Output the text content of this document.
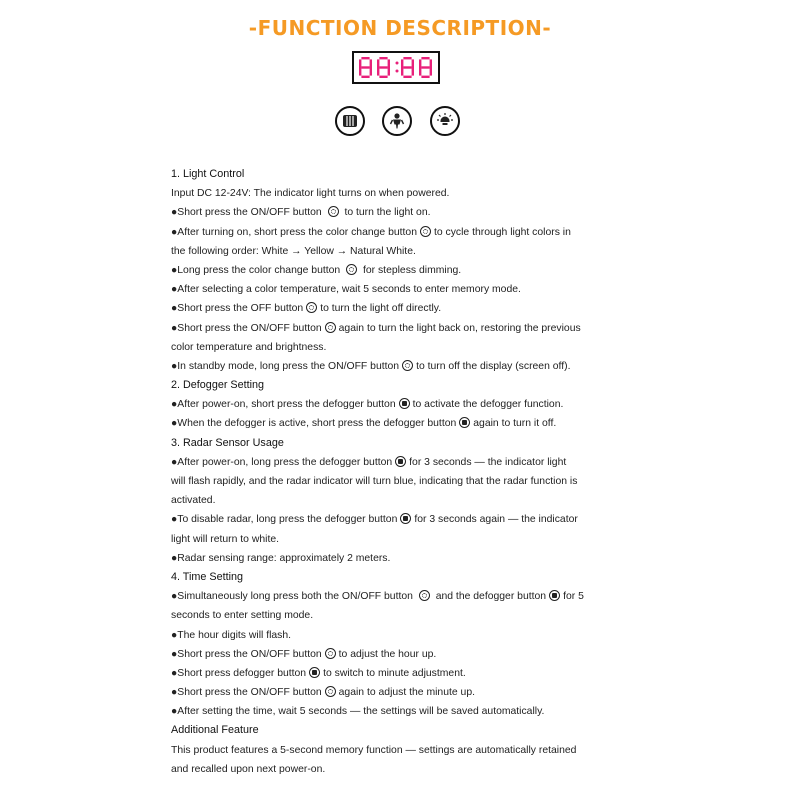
-FUNCTION DESCRIPTION-
1. Light Control
Input DC 12-24V: The indicator light turns on when powered.
●Short press the ON/OFF button to turn the light on.
●After turning on, short press the color change button to cycle through light colors in
the following order: White → Yellow → Natural White.
●Long press the color change button for stepless dimming.
●After selecting a color temperature, wait 5 seconds to enter memory mode.
●Short press the OFF button to turn the light off directly.
●Short press the ON/OFF button again to turn the light back on, restoring the previous
color temperature and brightness.
●In standby mode, long press the ON/OFF button to turn off the display (screen off).
2. Defogger Setting
●After power-on, short press the defogger button to activate the defogger function.
●When the defogger is active, short press the defogger button again to turn it off.
3. Radar Sensor Usage
●After power-on, long press the defogger button for 3 seconds — the indicator light
will flash rapidly, and the radar indicator will turn blue, indicating that the radar function is
activated.
●To disable radar, long press the defogger button for 3 seconds again — the indicator
light will return to white.
●Radar sensing range: approximately 2 meters.
4. Time Setting
●Simultaneously long press both the ON/OFF button and the defogger button for 5
seconds to enter setting mode.
●The hour digits will flash.
●Short press the ON/OFF button to adjust the hour up.
●Short press defogger button to switch to minute adjustment.
●Short press the ON/OFF button again to adjust the minute up.
●After setting the time, wait 5 seconds — the settings will be saved automatically.
Additional Feature
This product features a 5-second memory function — settings are automatically retained
and recalled upon next power-on.
